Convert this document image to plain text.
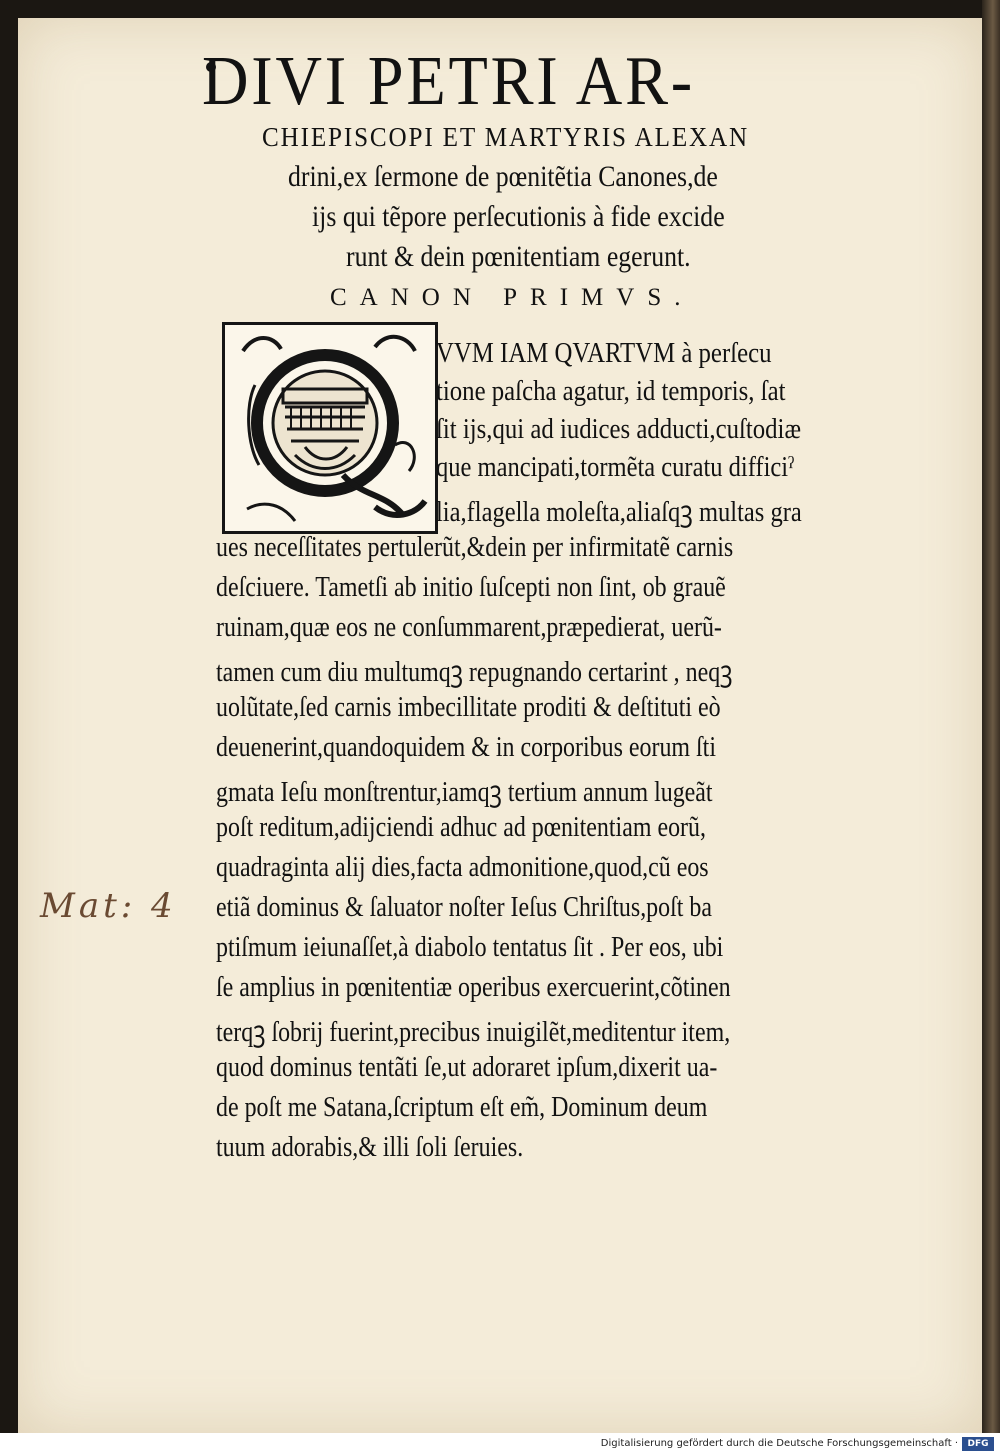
DIVI PETRI AR-
CHIEPISCOPI ET MARTYRIS ALEXAN
drini,ex ſermone de pœnitẽtia Canones,de
ijs qui tẽpore perſecutionis à fide excide
runt & dein pœnitentiam egerunt.
CANON PRIMVS.
VVM IAM QVARTVM à perſecu
tione paſcha agatur, id temporis, ſat
ſit ijs,qui ad iudices adducti,cuſtodiæ
que mancipati,tormẽta curatu difficiˀ
lia,flagella moleſta,aliaſqꝫ multas gra
ues neceſſitates pertulerũt,&dein per infirmitatẽ carnis
deſciuere. Tametſi ab initio ſuſcepti non ſint, ob grauẽ
ruinam,quæ eos ne conſummarent,præpedierat, uerũ-
tamen cum diu multumqꝫ repugnando certarint , neqꝫ
uolũtate,ſed carnis imbecillitate proditi & deſtituti eò
deuenerint,quandoquidem & in corporibus eorum ſti
gmata Ieſu monſtrentur,iamqꝫ tertium annum lugeãt
poſt reditum,adijciendi adhuc ad pœnitentiam eorũ,
quadraginta alij dies,facta admonitione,quod,cũ eos
etiã dominus & ſaluator noſter Ieſus Chriſtus,poſt ba
ptiſmum ieiunaſſet,à diabolo tentatus ſit . Per eos, ubi
ſe amplius in pœnitentiæ operibus exercuerint,cõtinen
terqꝫ ſobrij fuerint,precibus inuigilẽt,meditentur item,
quod dominus tentãti ſe,ut adoraret ipſum,dixerit ua-
de poſt me Satana,ſcriptum eſt em̃, Dominum deum
tuum adorabis,& illi ſoli ſeruies.
Mat: 4
Digitalisierung gefördert durch die Deutsche Forschungsgemeinschaft ·	DFG
